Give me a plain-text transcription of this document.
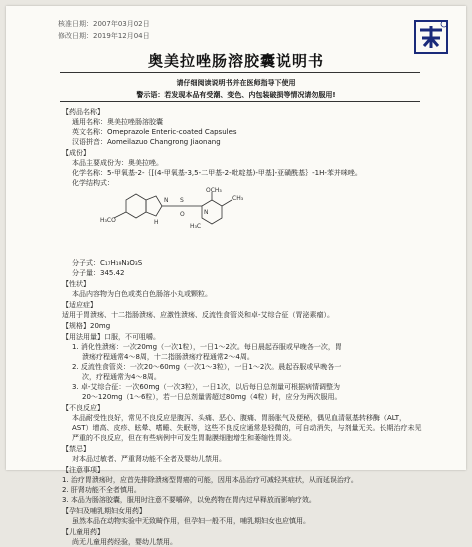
核准日期：2007年03月02日
修改日期：2019年12月04日
奥美拉唑肠溶胶囊说明书
请仔细阅读说明书并在医师指导下使用
警示语：若发现本品有受潮、变色、内包装破损等情况请勿服用!
【药品名称】
通用名称：奥美拉唑肠溶胶囊
英文名称：Omeprazole Enteric-coated Capsules
汉语拼音：Aomeilazuo Changrong Jiaonang
【成份】
本品主要成份为：奥美拉唑。
化学名称：5-甲氧基-2-｛[(4-甲氧基-3,5-二甲基-2-吡啶基)-甲基]-亚磺酰基｝-1H-苯并咪唑。
化学结构式：
H₃CO
N S
O
H
OCH₃
CH₃
H₃C
N
分子式：C₁₇H₁₉N₃O₃S
分子量：345.42
【性状】
本品内容物为白色或类白色肠溶小丸或颗粒。
【适应症】
适用于胃溃疡、十二指肠溃疡、应激性溃疡、反流性食管炎和卓-艾综合征（胃泌素瘤）。
【规格】20mg
【用法用量】口服，不可咀嚼。
1. 消化性溃疡：一次20mg（一次1粒），一日1～2次。每日晨起吞服或早晚各一次，胃
溃疡疗程通常4～8周，十二指肠溃疡疗程通常2～4周。
2. 反流性食管炎：一次20～60mg（一次1～3粒），一日1～2次。晨起吞服或早晚各一
次，疗程通常为4～8周。
3. 卓-艾综合征：一次60mg（一次3粒），一日1次，以后每日总剂量可根据病情调整为
20～120mg（1～6粒），若一日总剂量需超过80mg（4粒）时，应分为两次服用。
【不良反应】
本品耐受性良好，常见不良反应是腹泻、头痛、恶心、腹痛、胃肠胀气及便秘，偶见血清氨基转移酶（ALT，AST）增高、皮疹、眩晕、嗜睡、失眠等，这些不良反应通常是轻微的，可自动消失，与剂量无关。长期治疗未见严重的不良反应，但在有些病例中可发生胃黏膜细胞增生和萎缩性胃炎。
【禁忌】
对本品过敏者、严重肾功能不全者及婴幼儿禁用。
【注意事项】
1. 治疗胃溃疡时，应首先排除溃疡型胃癌的可能，因用本品治疗可减轻其症状，从而延误治疗。
2. 肝肾功能不全者慎用。
3. 本品为肠溶胶囊，服用时注意不要嚼碎，以免药物在胃内过早释放而影响疗效。
【孕妇及哺乳期妇女用药】
虽然本品在动物实验中无致畸作用，但孕妇一般不用，哺乳期妇女也应慎用。
【儿童用药】
尚无儿童用药经验，婴幼儿禁用。
